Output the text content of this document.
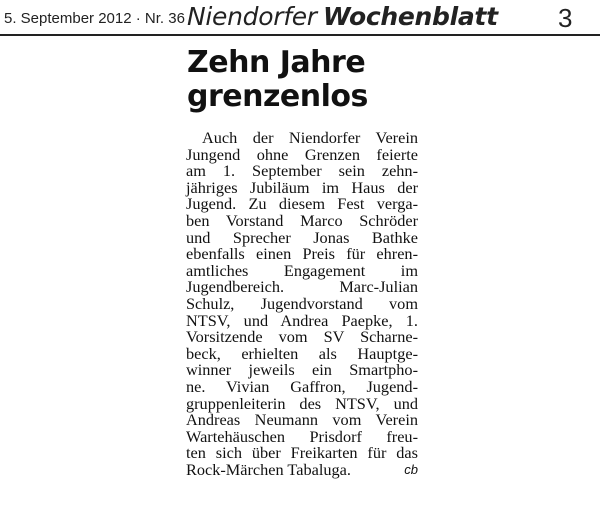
5. September 2012 · Nr. 36 Niendorfer Wochenblatt 3
Zehn Jahre
grenzenlos
Auch der Niendorfer Verein
Jungend ohne Grenzen feierte
am 1. September sein zehn-
jähriges Jubiläum im Haus der
Jugend. Zu diesem Fest verga-
ben Vorstand Marco Schröder
und Sprecher Jonas Bathke
ebenfalls einen Preis für ehren-
amtliches Engagement im
Jugendbereich. Marc-Julian
Schulz, Jugendvorstand vom
NTSV, und Andrea Paepke, 1.
Vorsitzende vom SV Scharne-
beck, erhielten als Hauptge-
winner jeweils ein Smartpho-
ne. Vivian Gaffron, Jugend-
gruppenleiterin des NTSV, und
Andreas Neumann vom Verein
Wartehäuschen Prisdorf freu-
ten sich über Freikarten für das
Rock-Märchen Tabaluga.	cb
